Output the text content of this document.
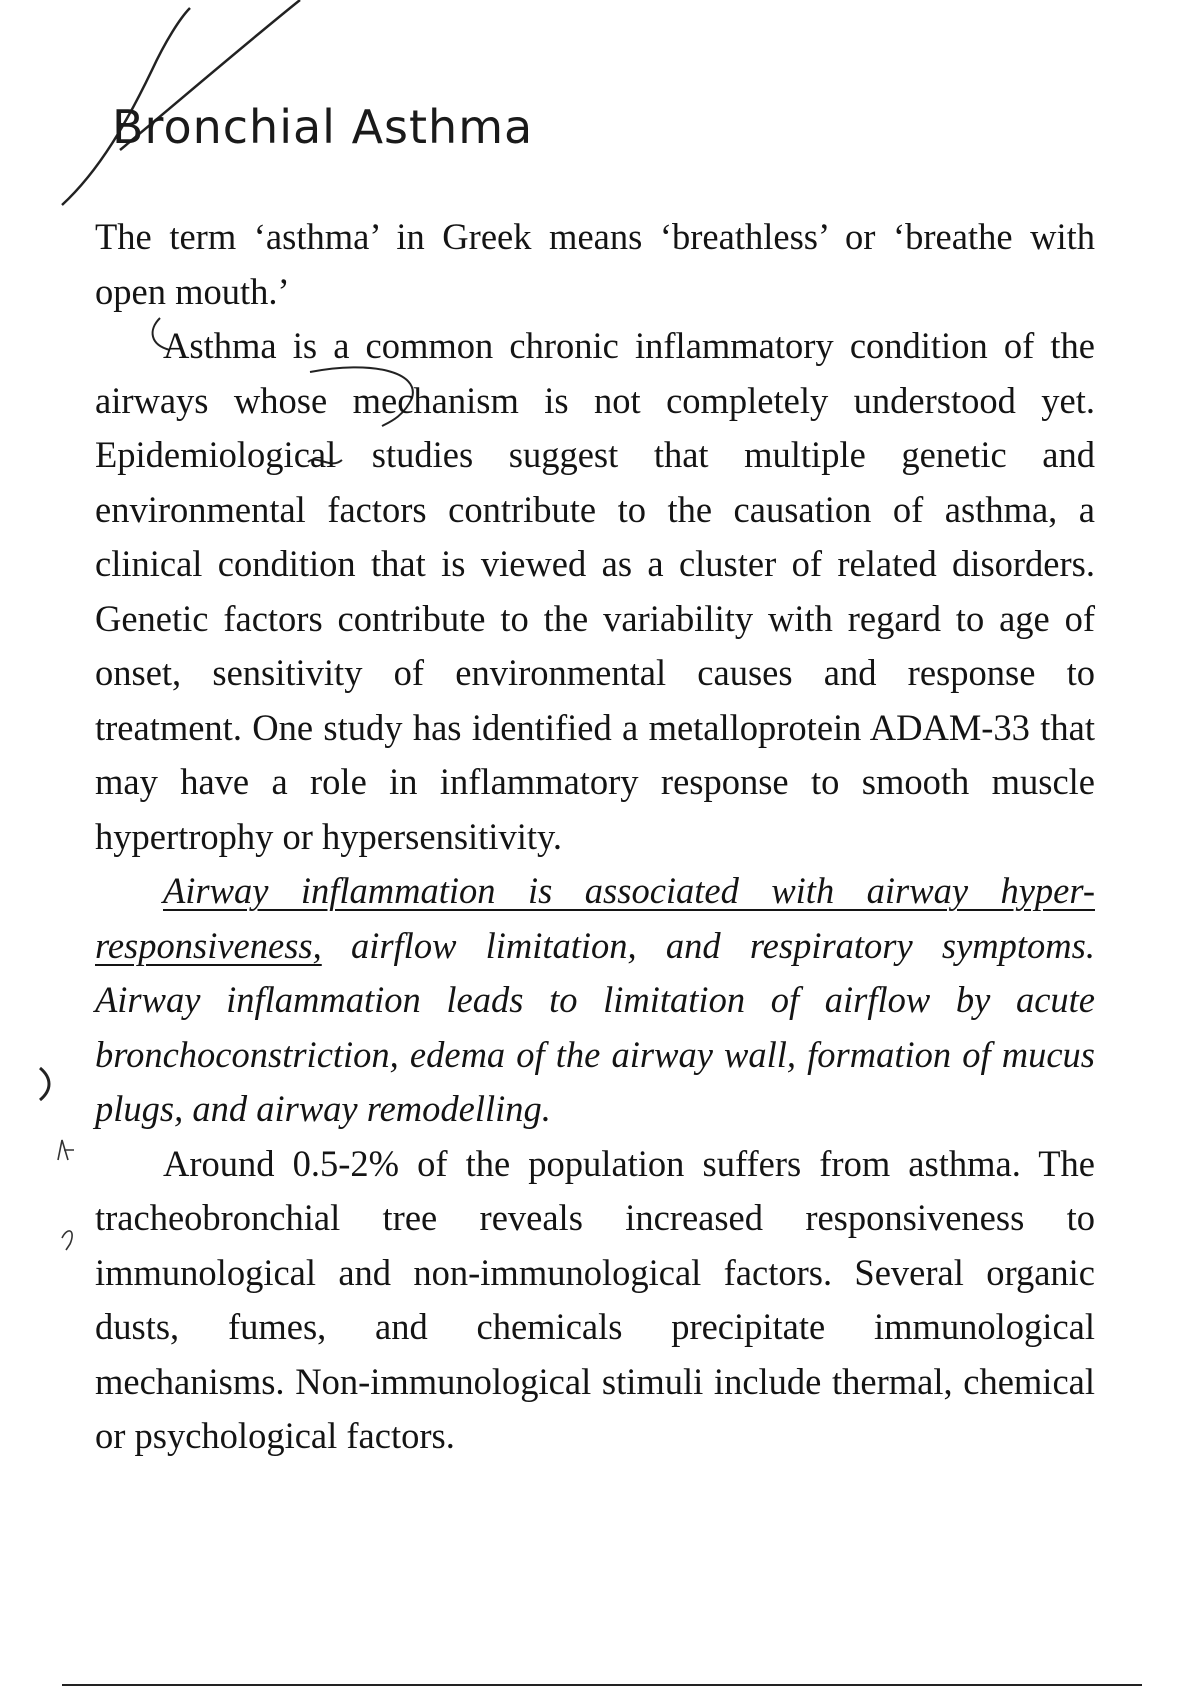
Bronchial Asthma

The term ‘asthma’ in Greek means ‘breathless’ or ‘breathe with open mouth.’

Asthma is a common chronic inflammatory condition of the airways whose mechanism is not completely understood yet. Epidemiological studies suggest that multiple genetic and environmental factors contribute to the causation of asthma, a clinical condition that is viewed as a cluster of related disorders. Genetic factors contribute to the variability with regard to age of onset, sensitivity of environmental causes and response to treatment. One study has identified a metalloprotein ADAM-33 that may have a role in inflammatory response to smooth muscle hypertrophy or hypersensitivity.

Airway inflammation is associated with airway hyper-responsiveness, airflow limitation, and respiratory symptoms. Airway inflammation leads to limitation of airflow by acute bronchoconstriction, edema of the airway wall, formation of mucus plugs, and airway remodelling.

Around 0.5-2% of the population suffers from asthma. The tracheobronchial tree reveals increased responsiveness to immunological and non-immunological factors. Several organic dusts, fumes, and chemicals precipitate immunological mechanisms. Non-immunological stimuli include thermal, chemical or psychological factors.
